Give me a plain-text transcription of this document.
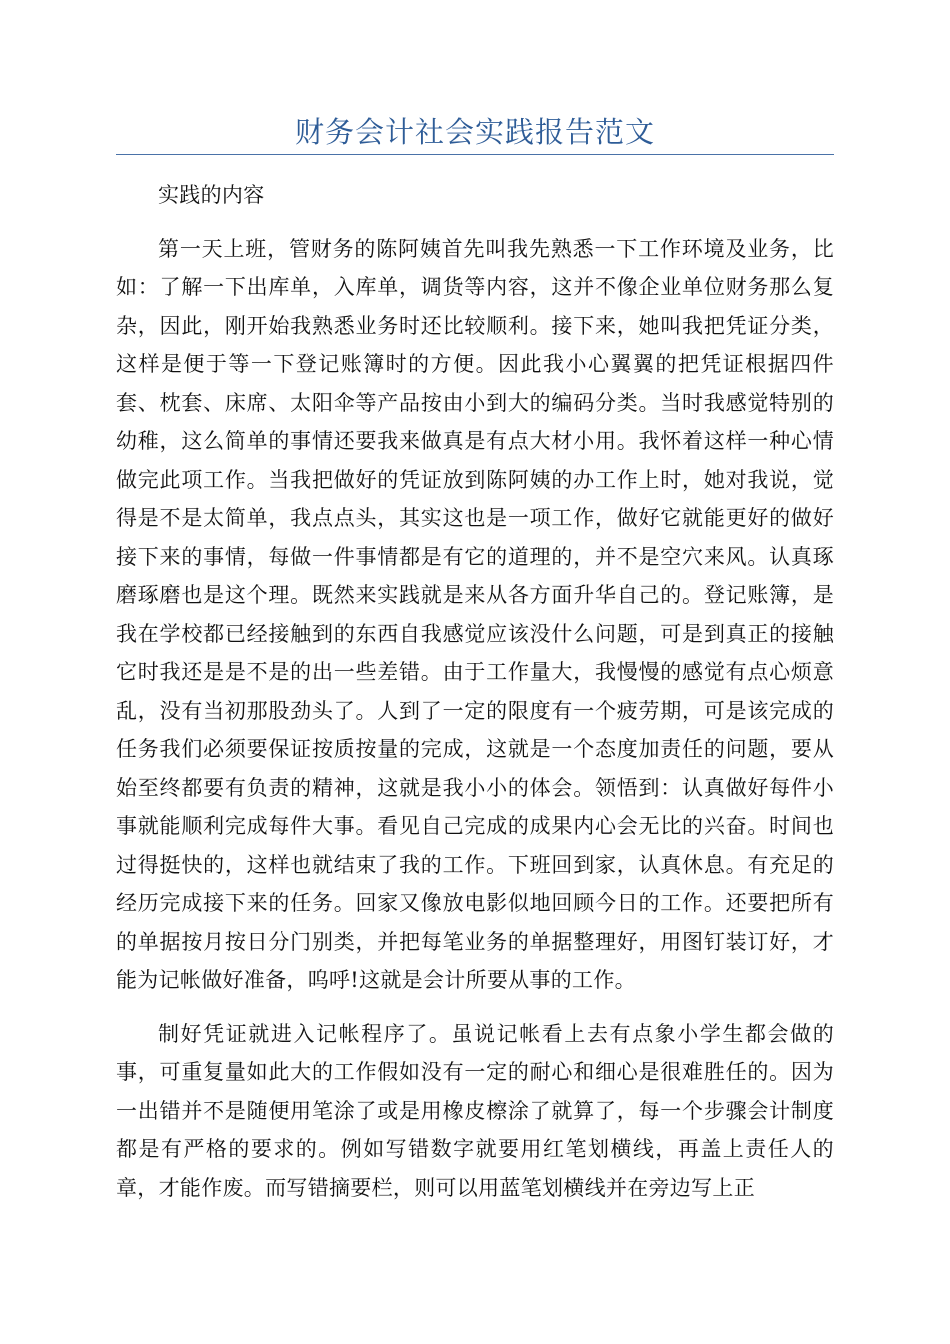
财务会计社会实践报告范文

实践的内容

第一天上班，管财务的陈阿姨首先叫我先熟悉一下工作环境及业务，比如：了解一下出库单，入库单，调货等内容，这并不像企业单位财务那么复杂，因此，刚开始我熟悉业务时还比较顺利。接下来，她叫我把凭证分类，这样是便于等一下登记账簿时的方便。因此我小心翼翼的把凭证根据四件套、枕套、床席、太阳伞等产品按由小到大的编码分类。当时我感觉特别的幼稚，这么简单的事情还要我来做真是有点大材小用。我怀着这样一种心情做完此项工作。当我把做好的凭证放到陈阿姨的办工作上时，她对我说，觉得是不是太简单，我点点头，其实这也是一项工作，做好它就能更好的做好接下来的事情，每做一件事情都是有它的道理的，并不是空穴来风。认真琢磨琢磨也是这个理。既然来实践就是来从各方面升华自己的。登记账簿，是我在学校都已经接触到的东西自我感觉应该没什么问题，可是到真正的接触它时我还是是不是的出一些差错。由于工作量大，我慢慢的感觉有点心烦意乱，没有当初那股劲头了。人到了一定的限度有一个疲劳期，可是该完成的任务我们必须要保证按质按量的完成，这就是一个态度加责任的问题，要从始至终都要有负责的精神，这就是我小小的体会。领悟到：认真做好每件小事就能顺利完成每件大事。看见自己完成的成果内心会无比的兴奋。时间也过得挺快的，这样也就结束了我的工作。下班回到家，认真休息。有充足的经历完成接下来的任务。回家又像放电影似地回顾今日的工作。还要把所有的单据按月按日分门别类，并把每笔业务的单据整理好，用图钉装订好，才能为记帐做好准备，呜呼!这就是会计所要从事的工作。

制好凭证就进入记帐程序了。虽说记帐看上去有点象小学生都会做的事，可重复量如此大的工作假如没有一定的耐心和细心是很难胜任的。因为一出错并不是随便用笔涂了或是用橡皮檫涂了就算了，每一个步骤会计制度都是有严格的要求的。例如写错数字就要用红笔划横线，再盖上责任人的章，才能作废。而写错摘要栏，则可以用蓝笔划横线并在旁边写上正
